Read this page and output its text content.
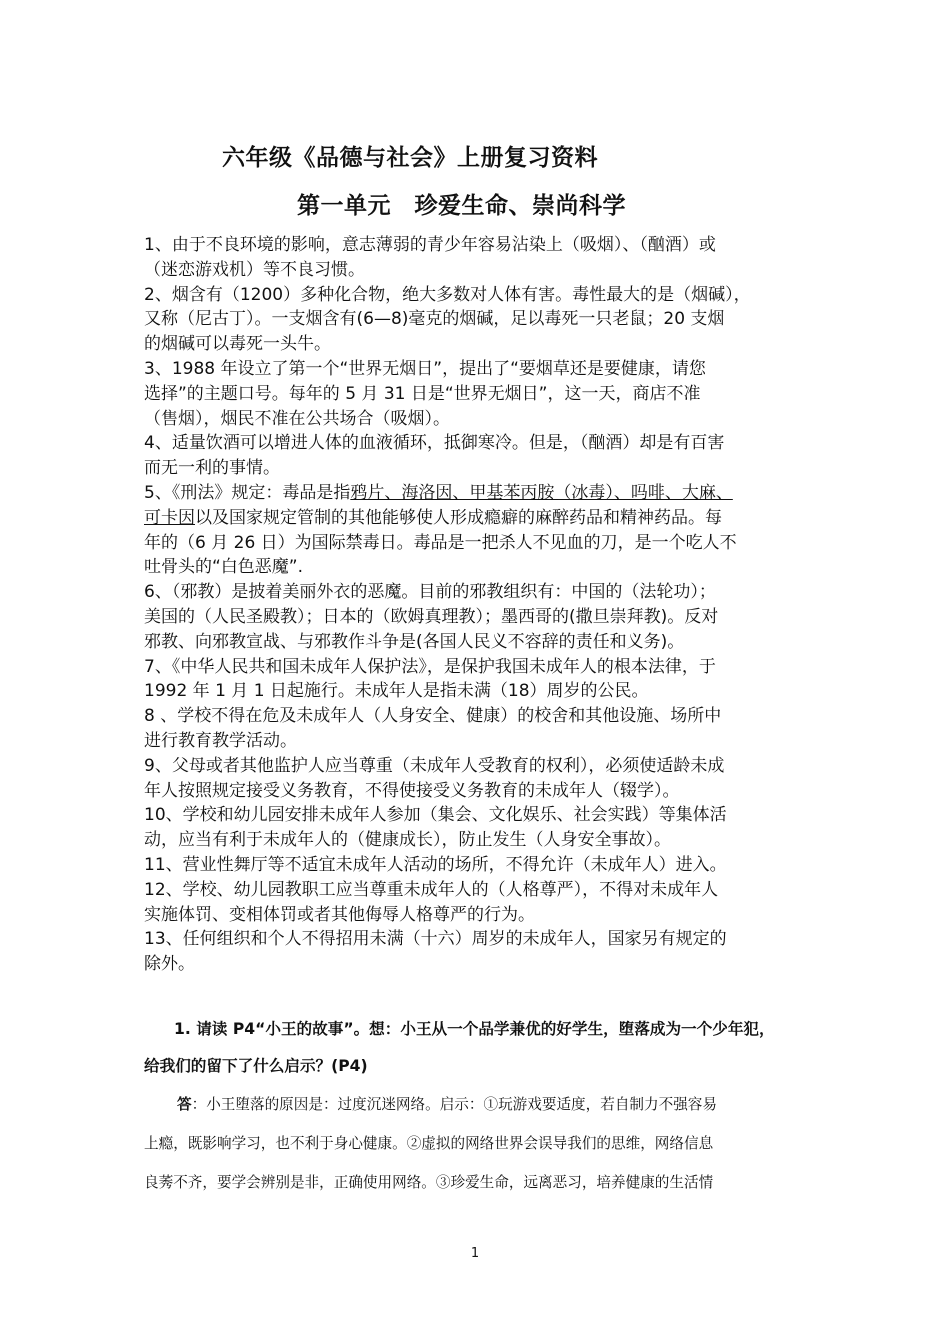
六年级《品德与社会》上册复习资料
第一单元　珍爱生命、崇尚科学

1、由于不良环境的影响，意志薄弱的青少年容易沾染上（吸烟）、（酗酒）或

（迷恋游戏机）等不良习惯。

2、烟含有（1200）多种化合物，绝大多数对人体有害。毒性最大的是（烟碱），

又称（尼古丁）。一支烟含有(6—8)毫克的烟碱，足以毒死一只老鼠；20 支烟

的烟碱可以毒死一头牛。

3、1988 年设立了第一个“世界无烟日”，提出了“要烟草还是要健康，请您

选择”的主题口号。每年的 5 月 31 日是“世界无烟日”，这一天，商店不准

（售烟），烟民不准在公共场合（吸烟）。

4、适量饮酒可以增进人体的血液循环，抵御寒冷。但是，（酗酒）却是有百害

而无一利的事情。

5、《刑法》规定：毒品是指鸦片、海洛因、甲基苯丙胺（冰毒）、吗啡、大麻、

可卡因以及国家规定管制的其他能够使人形成瘾癖的麻醉药品和精神药品。每

年的（6 月 26 日）为国际禁毒日。毒品是一把杀人不见血的刀，是一个吃人不

吐骨头的“白色恶魔”.

6、（邪教）是披着美丽外衣的恶魔。目前的邪教组织有：中国的（法轮功）；

美国的（人民圣殿教）；日本的（欧姆真理教）；墨西哥的(撒旦崇拜教)。反对

邪教、向邪教宣战、与邪教作斗争是(各国人民义不容辞的责任和义务)。

7、《中华人民共和国未成年人保护法》，是保护我国未成年人的根本法律，于

1992 年 1 月 1 日起施行。未成年人是指未满（18）周岁的公民。

8 、学校不得在危及未成年人（人身安全、健康）的校舍和其他设施、场所中

进行教育教学活动。

9、父母或者其他监护人应当尊重（未成年人受教育的权利），必须使适龄未成

年人按照规定接受义务教育，不得使接受义务教育的未成年人（辍学）。

10、学校和幼儿园安排未成年人参加（集会、文化娱乐、社会实践）等集体活

动，应当有利于未成年人的（健康成长），防止发生（人身安全事故）。

11、营业性舞厅等不适宜未成年人活动的场所，不得允许（未成年人）进入。

12、学校、幼儿园教职工应当尊重未成年人的（人格尊严），不得对未成年人

实施体罚、变相体罚或者其他侮辱人格尊严的行为。

13、任何组织和个人不得招用未满（十六）周岁的未成年人，国家另有规定的

除外。

1. 请读 P4“小王的故事”。想：小王从一个品学兼优的好学生，堕落成为一个少年犯，

给我们的留下了什么启示？(P4)

答：小王堕落的原因是：过度沉迷网络。启示：①玩游戏要适度，若自制力不强容易

上瘾，既影响学习，也不利于身心健康。②虚拟的网络世界会误导我们的思维，网络信息

良莠不齐，要学会辨别是非，正确使用网络。③珍爱生命，远离恶习，培养健康的生活情

1
